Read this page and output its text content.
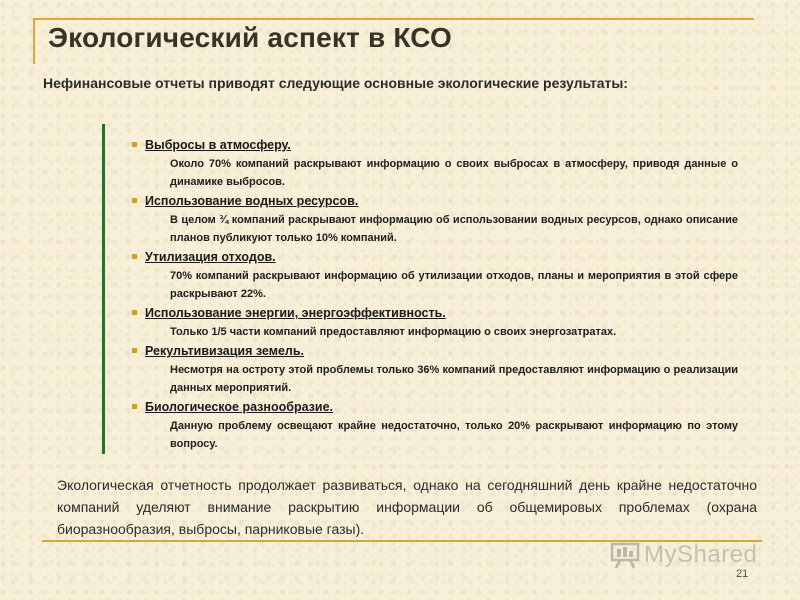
Экологический аспект в КСО

Нефинансовые отчеты приводят следующие основные экологические результаты:

Выбросы в атмосферу.

Около 70% компаний раскрывают информацию о своих выбросах в атмосферу, приводя данные о динамике выбросов.

Использование водных ресурсов.

В целом ¾ компаний раскрывают информацию об использовании водных ресурсов, однако описание планов публикуют только 10% компаний.

Утилизация отходов.

70% компаний раскрывают информацию об утилизации отходов, планы и мероприятия в этой сфере раскрывают 22%.

Использование энергии, энергоэффективность.

Только 1/5 части компаний предоставляют информацию о своих энергозатратах.

Рекультивизация земель.

Несмотря на остроту этой проблемы только 36% компаний предоставляют информацию о реализации данных мероприятий.

Биологическое разнообразие.

Данную проблему освещают крайне недостаточно, только 20% раскрывают информацию по этому вопросу.

Экологическая отчетность продолжает развиваться, однако на сегодняшний день крайне недостаточно компаний уделяют внимание раскрытию информации об общемировых проблемах (охрана биоразнообразия, выбросы, парниковые газы).

MyShared
21
